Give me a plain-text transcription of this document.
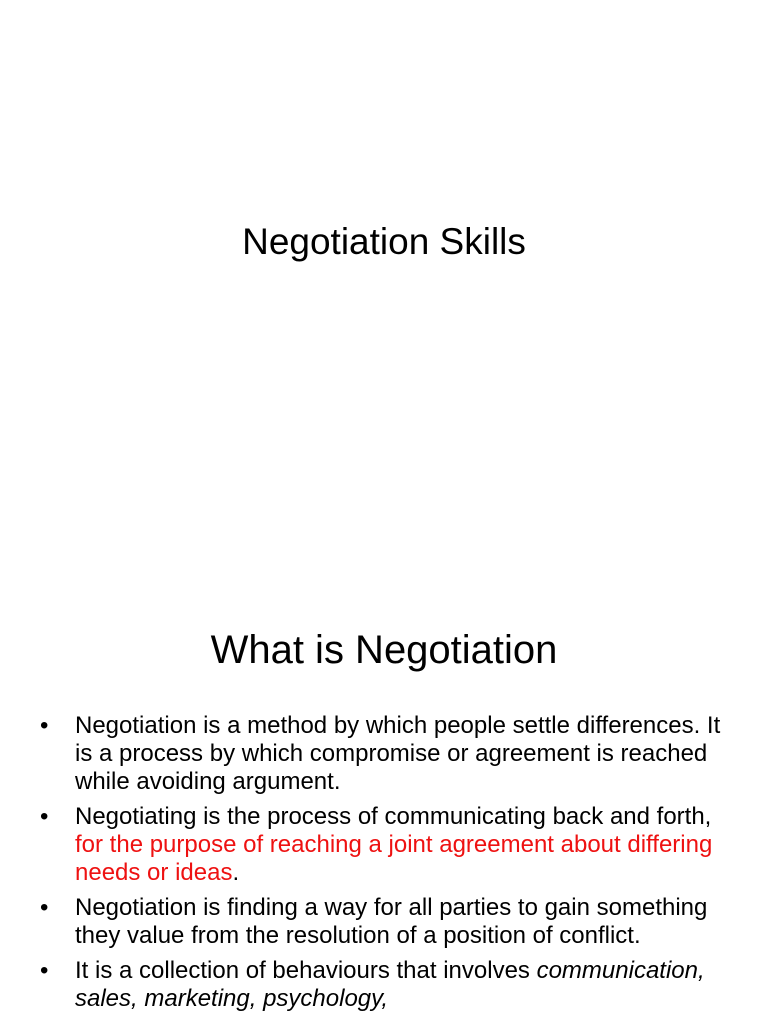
Negotiation Skills
What is Negotiation
•	Negotiation is a method by which people settle differences. It is a process by which compromise or agreement is reached while avoiding argument.
•	Negotiating is the process of communicating back and forth, for the purpose of reaching a joint agreement about differing needs or ideas.
•	Negotiation is finding a way for all parties to gain something they value from the resolution of a position of conflict.
•	It is a collection of behaviours that involves communication, sales, marketing, psychology,
